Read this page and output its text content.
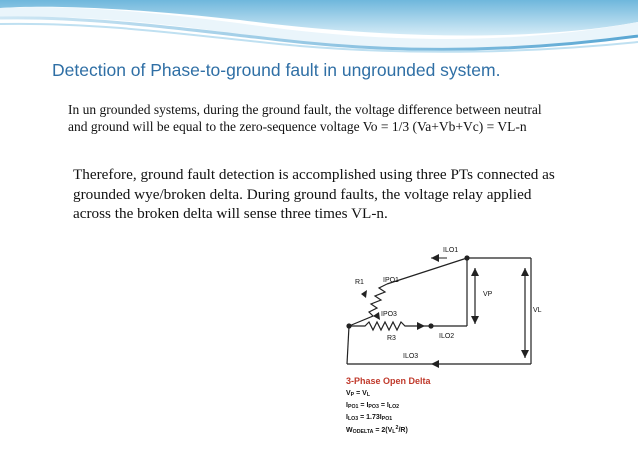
Detection of Phase-to-ground fault in ungrounded system.
In un grounded systems, during the ground fault, the voltage difference between neutral and ground will be equal to the zero-sequence voltage Vo = 1/3 (Va+Vb+Vc) = VL-n
Therefore, ground fault detection is accomplished using three PTs connected as grounded wye/broken delta. During ground faults, the voltage relay applied across the broken delta will sense three times VL-n.
ILO1
R1	IPO1
VP
VL
IPO3
R3	ILO2
ILO3
3-Phase Open Delta
$V_P = V_L$
$I_{PO1} = I_{PO3} = I_{LO2}$
$I_{LO3} = 1.73I_{PO1}$
$W_{ODELTA} = 2(V_L^2/R)$
